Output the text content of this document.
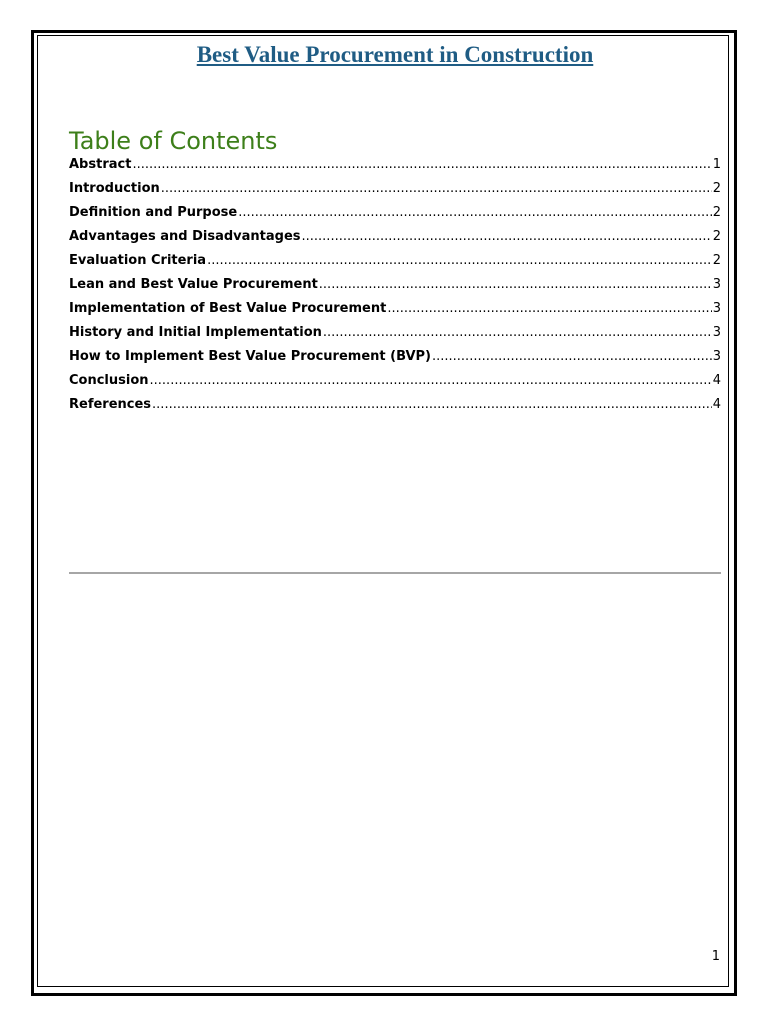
Best Value Procurement in Construction
Table of Contents
Abstract .....	1
Introduction .....	2
Definition and Purpose .....	2
Advantages and Disadvantages .....	2
Evaluation Criteria .....	2
Lean and Best Value Procurement .....	3
Implementation of Best Value Procurement .....	3
History and Initial Implementation .....	3
How to Implement Best Value Procurement (BVP) .....	3
Conclusion .....	4
References .....	4
1
